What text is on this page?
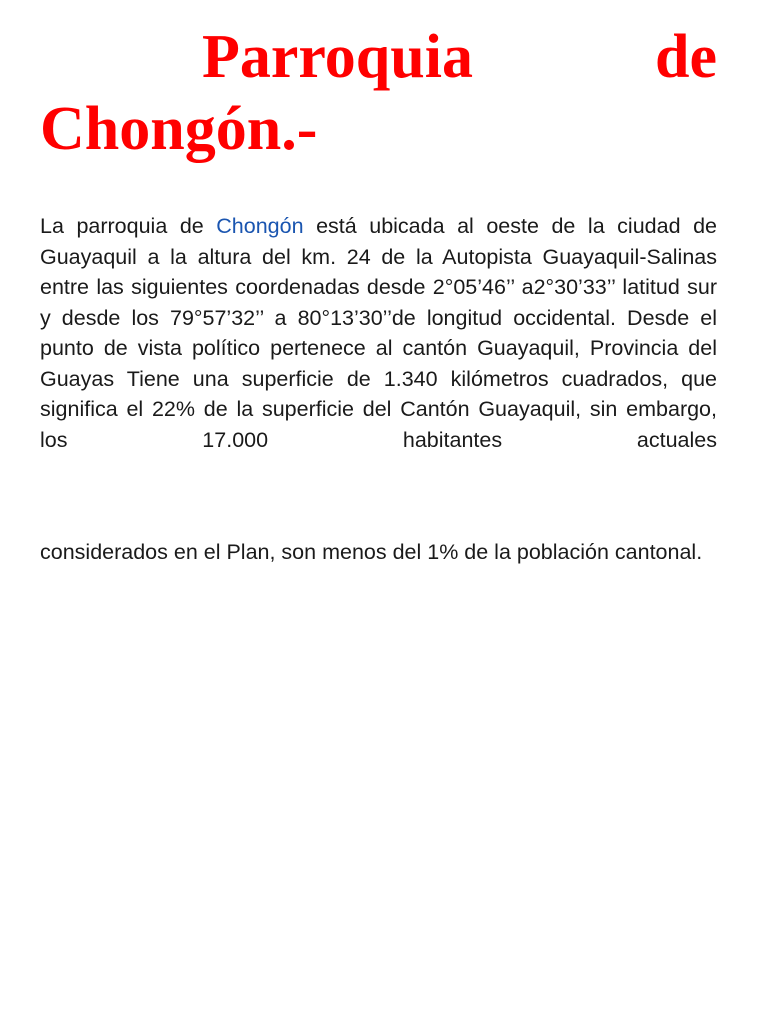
Parroquia de Chongón.-

La parroquia de Chongón está ubicada al oeste de la ciudad de Guayaquil a la altura del km. 24 de la Autopista Guayaquil-Salinas entre las siguientes coordenadas desde 2°05’46’’ a2°30’33’’ latitud sur y desde los 79°57’32’’ a 80°13’30’’de longitud occidental. Desde el punto de vista político pertenece al cantón Guayaquil, Provincia del Guayas Tiene una superficie de 1.340 kilómetros cuadrados, que significa el 22% de la superficie del Cantón Guayaquil, sin embargo, los 17.000 habitantes actuales

considerados en el Plan, son menos del 1% de la población cantonal.
